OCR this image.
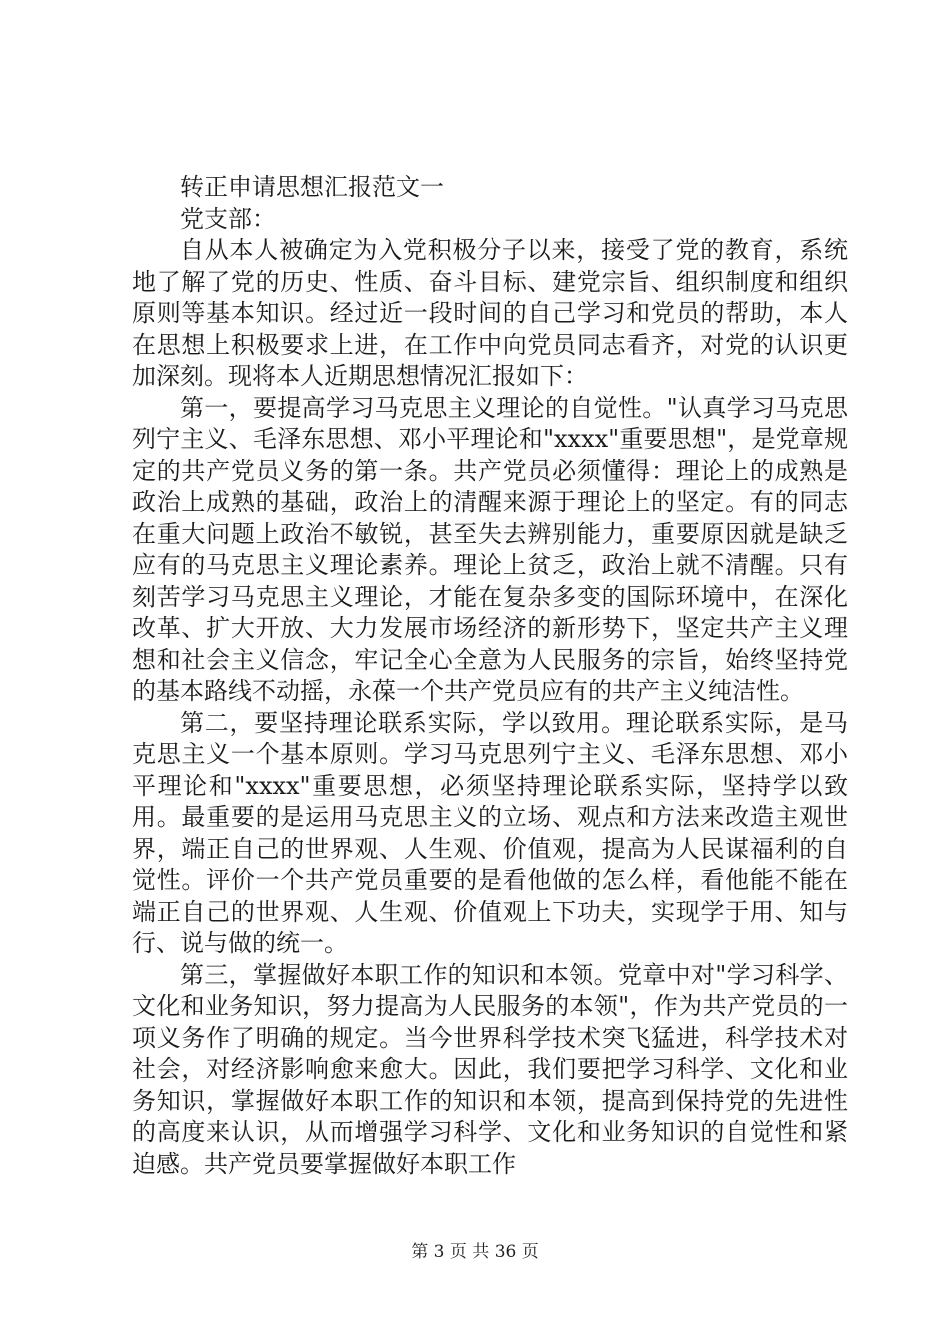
转正申请思想汇报范文一

党支部：

自从本人被确定为入党积极分子以来，接受了党的教育，系统地了解了党的历史、性质、奋斗目标、建党宗旨、组织制度和组织原则等基本知识。经过近一段时间的自己学习和党员的帮助，本人在思想上积极要求上进，在工作中向党员同志看齐，对党的认识更加深刻。现将本人近期思想情况汇报如下：

第一，要提高学习马克思主义理论的自觉性。"认真学习马克思列宁主义、毛泽东思想、邓小平理论和"xxxx"重要思想"，是党章规定的共产党员义务的第一条。共产党员必须懂得：理论上的成熟是政治上成熟的基础，政治上的清醒来源于理论上的坚定。有的同志在重大问题上政治不敏锐，甚至失去辨别能力，重要原因就是缺乏应有的马克思主义理论素养。理论上贫乏，政治上就不清醒。只有刻苦学习马克思主义理论，才能在复杂多变的国际环境中，在深化改革、扩大开放、大力发展市场经济的新形势下，坚定共产主义理想和社会主义信念，牢记全心全意为人民服务的宗旨，始终坚持党的基本路线不动摇，永葆一个共产党员应有的共产主义纯洁性。

第二，要坚持理论联系实际，学以致用。理论联系实际，是马克思主义一个基本原则。学习马克思列宁主义、毛泽东思想、邓小平理论和"xxxx"重要思想，必须坚持理论联系实际，坚持学以致用。最重要的是运用马克思主义的立场、观点和方法来改造主观世界，端正自己的世界观、人生观、价值观，提高为人民谋福利的自觉性。评价一个共产党员重要的是看他做的怎么样，看他能不能在端正自己的世界观、人生观、价值观上下功夫，实现学于用、知与行、说与做的统一。

第三，掌握做好本职工作的知识和本领。党章中对"学习科学、文化和业务知识，努力提高为人民服务的本领"，作为共产党员的一项义务作了明确的规定。当今世界科学技术突飞猛进，科学技术对社会，对经济影响愈来愈大。因此，我们要把学习科学、文化和业务知识，掌握做好本职工作的知识和本领，提高到保持党的先进性的高度来认识，从而增强学习科学、文化和业务知识的自觉性和紧迫感。共产党员要掌握做好本职工作

第 3 页 共 36 页
